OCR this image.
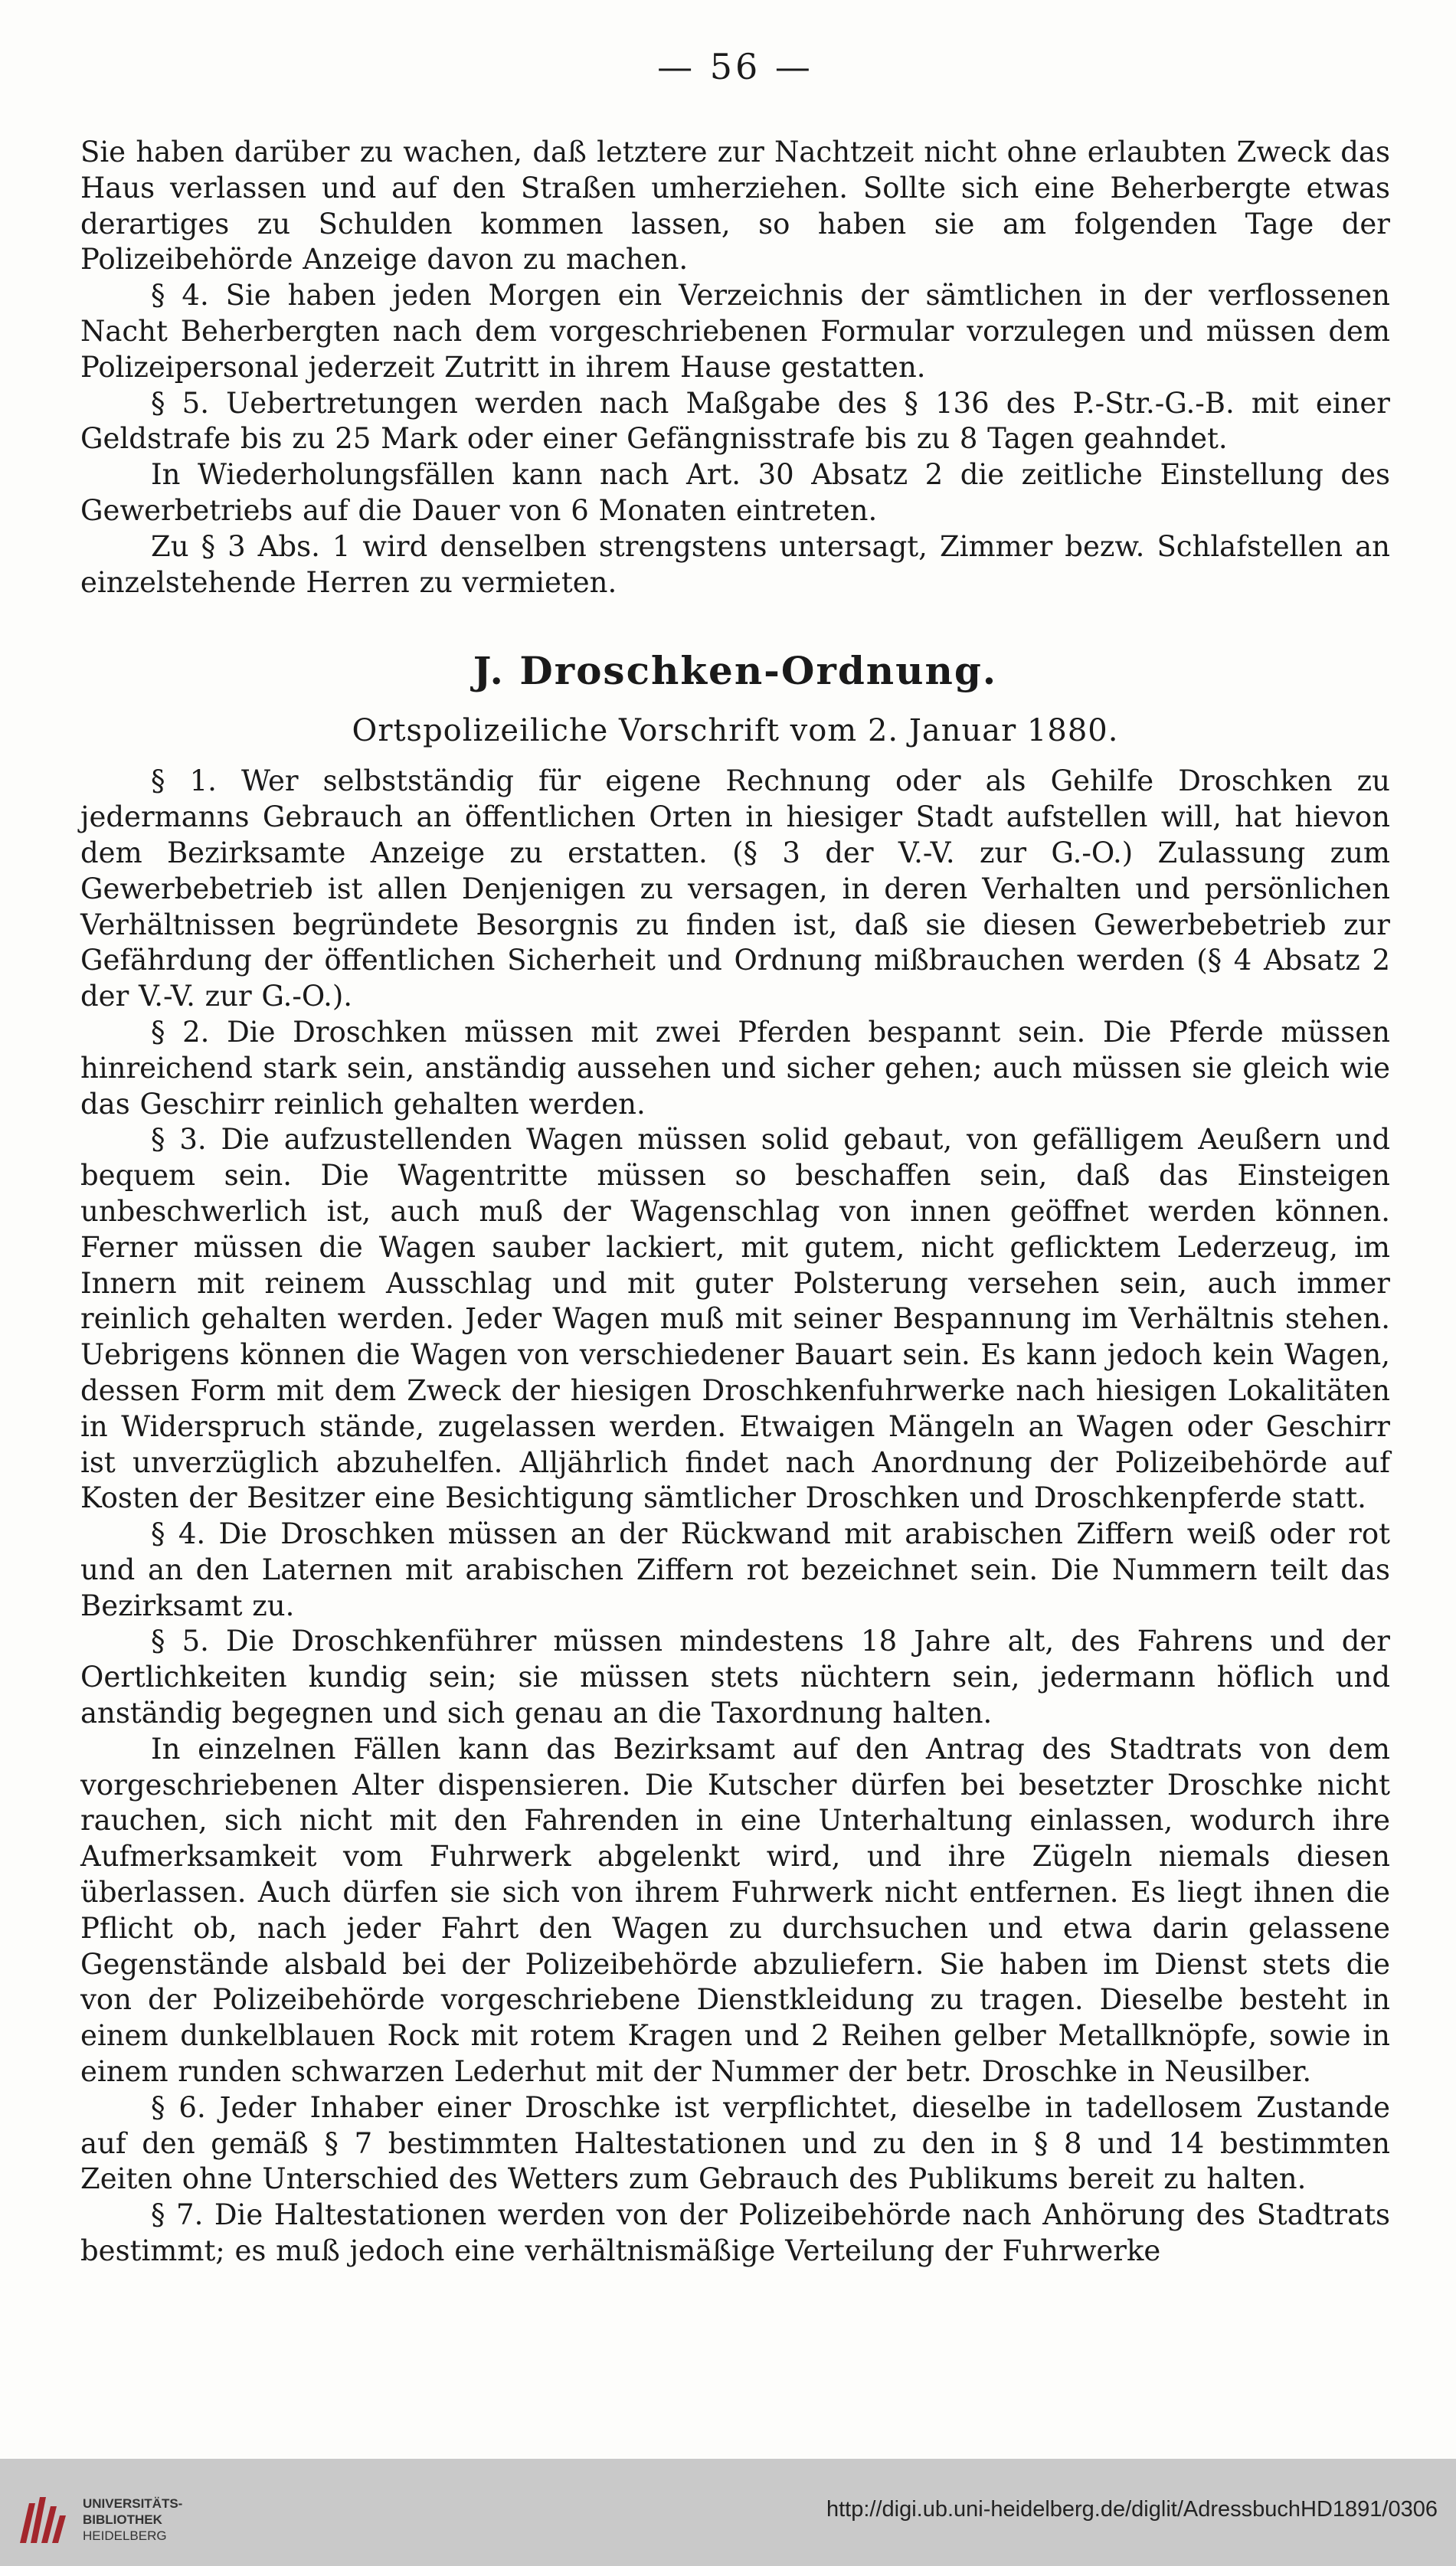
— 56 —

Sie haben darüber zu wachen, daß letztere zur Nachtzeit nicht ohne erlaubten Zweck das Haus verlassen und auf den Straßen umherziehen. Sollte sich eine Beherbergte etwas derartiges zu Schulden kommen lassen, so haben sie am folgenden Tage der Polizeibehörde Anzeige davon zu machen.

§ 4. Sie haben jeden Morgen ein Verzeichnis der sämtlichen in der verflossenen Nacht Beherbergten nach dem vorgeschriebenen Formular vorzulegen und müssen dem Polizeipersonal jederzeit Zutritt in ihrem Hause gestatten.

§ 5. Uebertretungen werden nach Maßgabe des § 136 des P.-Str.-G.-B. mit einer Geldstrafe bis zu 25 Mark oder einer Gefängnisstrafe bis zu 8 Tagen geahndet.

In Wiederholungsfällen kann nach Art. 30 Absatz 2 die zeitliche Einstellung des Gewerbetriebs auf die Dauer von 6 Monaten eintreten.

Zu § 3 Abs. 1 wird denselben strengstens untersagt, Zimmer bezw. Schlafstellen an einzelstehende Herren zu vermieten.

J. Droschken-Ordnung.
Ortspolizeiliche Vorschrift vom 2. Januar 1880.

§ 1. Wer selbstständig für eigene Rechnung oder als Gehilfe Droschken zu jedermanns Gebrauch an öffentlichen Orten in hiesiger Stadt aufstellen will, hat hievon dem Bezirksamte Anzeige zu erstatten. (§ 3 der V.-V. zur G.-O.) Zulassung zum Gewerbebetrieb ist allen Denjenigen zu versagen, in deren Verhalten und persönlichen Verhältnissen begründete Besorgnis zu finden ist, daß sie diesen Gewerbebetrieb zur Gefährdung der öffentlichen Sicherheit und Ordnung mißbrauchen werden (§ 4 Absatz 2 der V.-V. zur G.-O.).

§ 2. Die Droschken müssen mit zwei Pferden bespannt sein. Die Pferde müssen hinreichend stark sein, anständig aussehen und sicher gehen; auch müssen sie gleich wie das Geschirr reinlich gehalten werden.

§ 3. Die aufzustellenden Wagen müssen solid gebaut, von gefälligem Aeußern und bequem sein. Die Wagentritte müssen so beschaffen sein, daß das Einsteigen unbeschwerlich ist, auch muß der Wagenschlag von innen geöffnet werden können. Ferner müssen die Wagen sauber lackiert, mit gutem, nicht geflicktem Lederzeug, im Innern mit reinem Ausschlag und mit guter Polsterung versehen sein, auch immer reinlich gehalten werden. Jeder Wagen muß mit seiner Bespannung im Verhältnis stehen. Uebrigens können die Wagen von verschiedener Bauart sein. Es kann jedoch kein Wagen, dessen Form mit dem Zweck der hiesigen Droschkenfuhrwerke nach hiesigen Lokalitäten in Widerspruch stände, zugelassen werden. Etwaigen Mängeln an Wagen oder Geschirr ist unverzüglich abzuhelfen. Alljährlich findet nach Anordnung der Polizeibehörde auf Kosten der Besitzer eine Besichtigung sämtlicher Droschken und Droschkenpferde statt.

§ 4. Die Droschken müssen an der Rückwand mit arabischen Ziffern weiß oder rot und an den Laternen mit arabischen Ziffern rot bezeichnet sein. Die Nummern teilt das Bezirksamt zu.

§ 5. Die Droschkenführer müssen mindestens 18 Jahre alt, des Fahrens und der Oertlichkeiten kundig sein; sie müssen stets nüchtern sein, jedermann höflich und anständig begegnen und sich genau an die Taxordnung halten.

In einzelnen Fällen kann das Bezirksamt auf den Antrag des Stadtrats von dem vorgeschriebenen Alter dispensieren. Die Kutscher dürfen bei besetzter Droschke nicht rauchen, sich nicht mit den Fahrenden in eine Unterhaltung einlassen, wodurch ihre Aufmerksamkeit vom Fuhrwerk abgelenkt wird, und ihre Zügeln niemals diesen überlassen. Auch dürfen sie sich von ihrem Fuhrwerk nicht entfernen. Es liegt ihnen die Pflicht ob, nach jeder Fahrt den Wagen zu durchsuchen und etwa darin gelassene Gegenstände alsbald bei der Polizeibehörde abzuliefern. Sie haben im Dienst stets die von der Polizeibehörde vorgeschriebene Dienstkleidung zu tragen. Dieselbe besteht in einem dunkelblauen Rock mit rotem Kragen und 2 Reihen gelber Metallknöpfe, sowie in einem runden schwarzen Lederhut mit der Nummer der betr. Droschke in Neusilber.

§ 6. Jeder Inhaber einer Droschke ist verpflichtet, dieselbe in tadellosem Zustande auf den gemäß § 7 bestimmten Haltestationen und zu den in § 8 und 14 bestimmten Zeiten ohne Unterschied des Wetters zum Gebrauch des Publikums bereit zu halten.

§ 7. Die Haltestationen werden von der Polizeibehörde nach Anhörung des Stadtrats bestimmt; es muß jedoch eine verhältnismäßige Verteilung der Fuhrwerke

UNIVERSITÄTS-
BIBLIOTHEK
HEIDELBERG
http://digi.ub.uni-heidelberg.de/diglit/AdressbuchHD1891/0306
